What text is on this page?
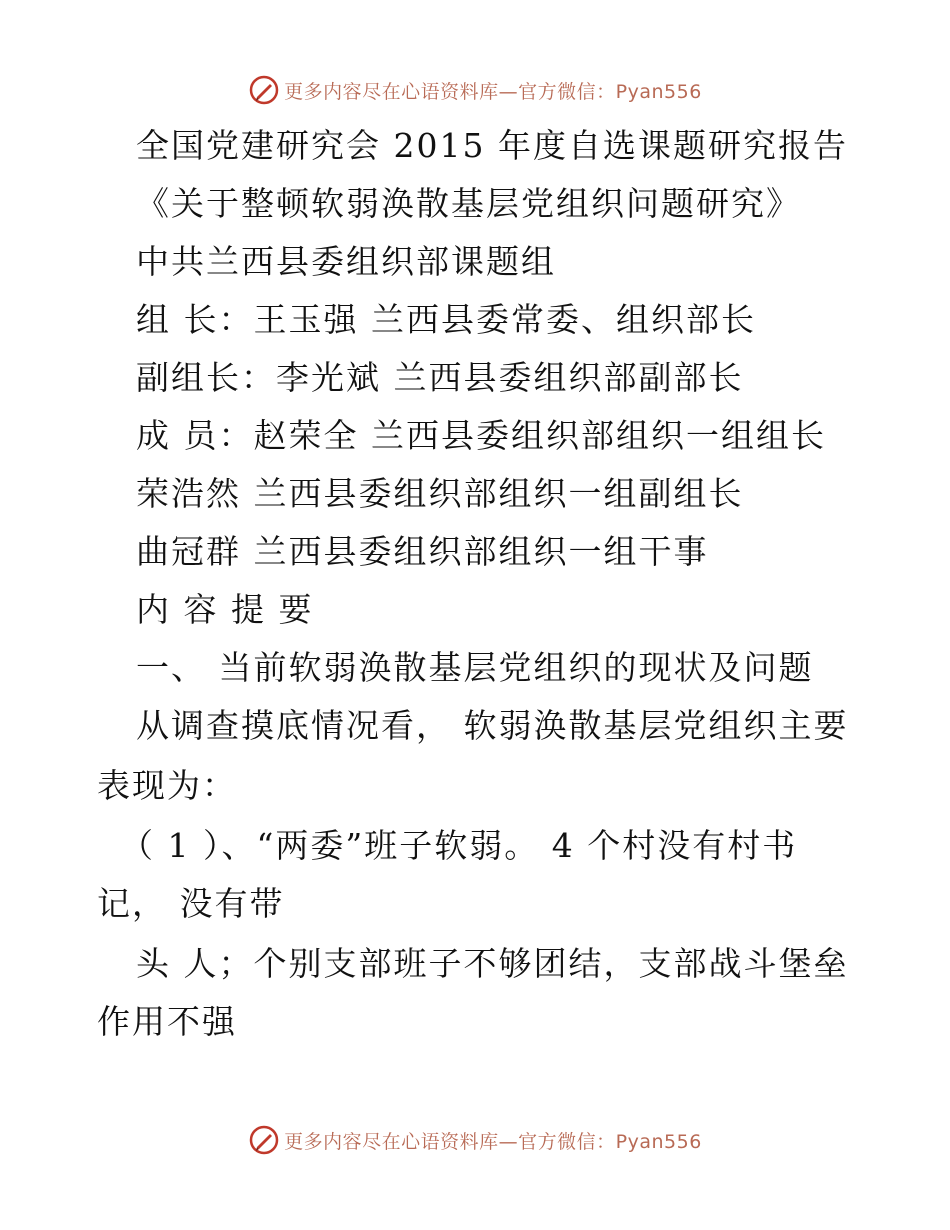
更多内容尽在心语资料库—官方微信：Pyan556
全国党建研究会 2015 年度自选课题研究报告
《关于整顿软弱涣散基层党组织问题研究》
中共兰西县委组织部课题组
组 长：王玉强 兰西县委常委、组织部长
副组长：李光斌 兰西县委组织部副部长
成 员：赵荣全 兰西县委组织部组织一组组长
荣浩然 兰西县委组织部组织一组副组长
曲冠群 兰西县委组织部组织一组干事
内 容 提 要
一、 当前软弱涣散基层党组织的现状及问题
从调查摸底情况看， 软弱涣散基层党组织主要
表现为：
（ 1 ）、“两委”班子软弱。 4 个村没有村书
记， 没有带
头 人；个别支部班子不够团结，支部战斗堡垒
作用不强
更多内容尽在心语资料库—官方微信：Pyan556
